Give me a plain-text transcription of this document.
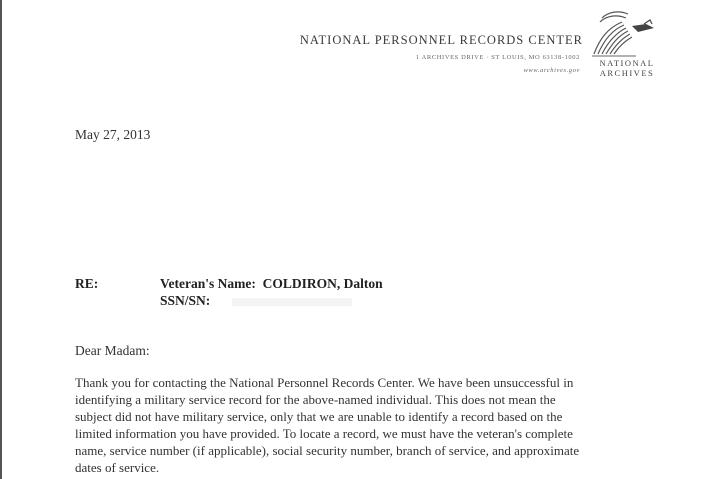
NATIONAL PERSONNEL RECORDS CENTER
1 ARCHIVES DRIVE · ST LOUIS, MO 63138-1002
www.archives.gov
NATIONAL
ARCHIVES
May 27, 2013
RE:	Veteran's Name: COLDIRON, Dalton
SSN/SN:
Dear Madam:

Thank you for contacting the National Personnel Records Center. We have been unsuccessful in
identifying a military service record for the above-named individual. This does not mean the
subject did not have military service, only that we are unable to identify a record based on the
limited information you have provided. To locate a record, we must have the veteran's complete
name, service number (if applicable), social security number, branch of service, and approximate
dates of service.
